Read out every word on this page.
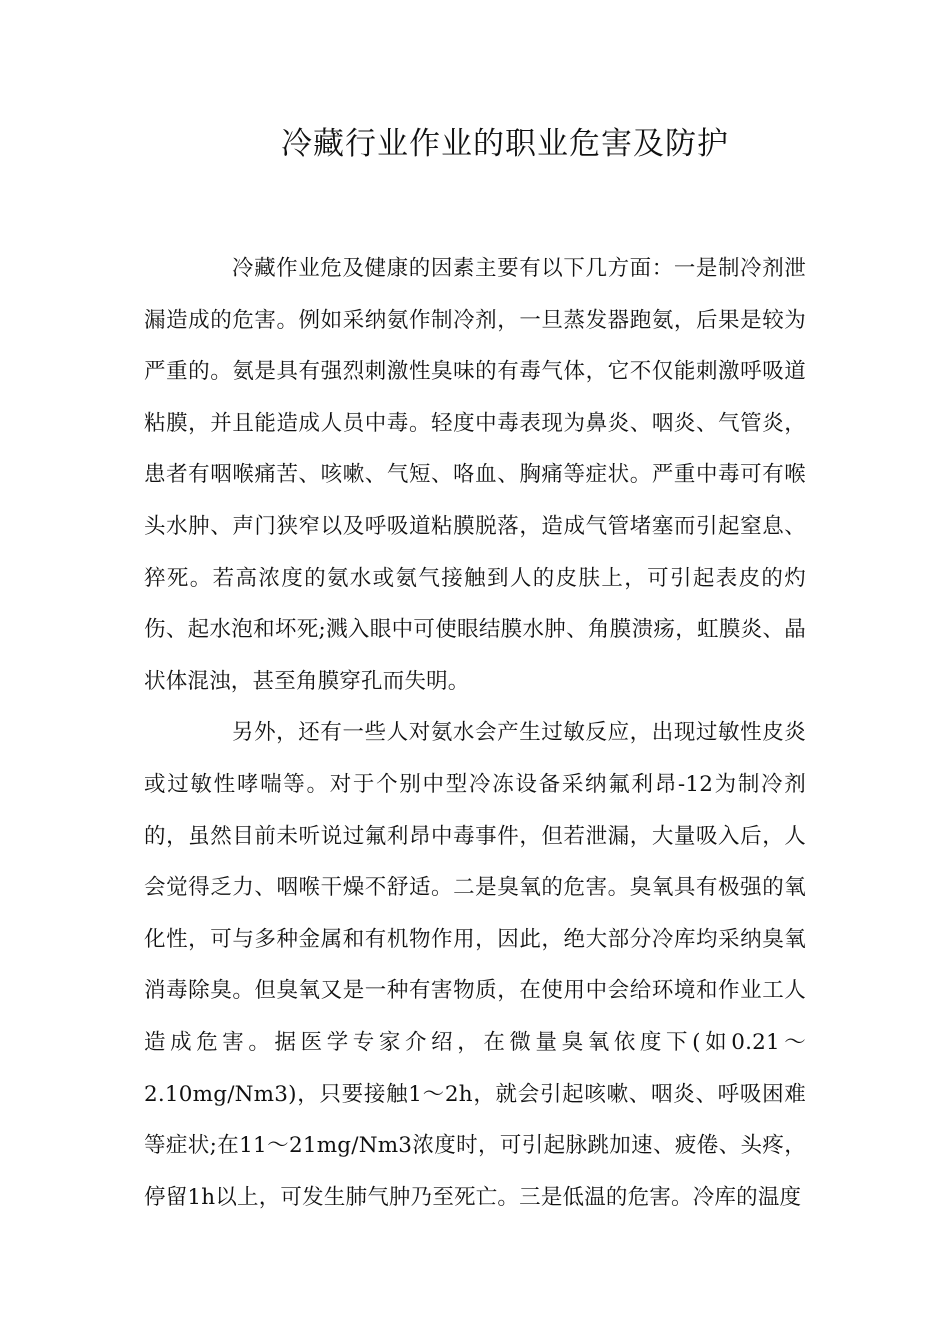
冷藏行业作业的职业危害及防护

冷藏作业危及健康的因素主要有以下几方面：一是制冷剂泄漏造成的危害。例如采纳氨作制冷剂，一旦蒸发器跑氨，后果是较为严重的。氨是具有强烈刺激性臭味的有毒气体，它不仅能刺激呼吸道粘膜，并且能造成人员中毒。轻度中毒表现为鼻炎、咽炎、气管炎，患者有咽喉痛苦、咳嗽、气短、咯血、胸痛等症状。严重中毒可有喉头水肿、声门狭窄以及呼吸道粘膜脱落，造成气管堵塞而引起窒息、猝死。若高浓度的氨水或氨气接触到人的皮肤上，可引起表皮的灼伤、起水泡和坏死;溅入眼中可使眼结膜水肿、角膜溃疡，虹膜炎、晶状体混浊，甚至角膜穿孔而失明。

另外，还有一些人对氨水会产生过敏反应，出现过敏性皮炎或过敏性哮喘等。对于个别中型冷冻设备采纳氟利昂-12为制冷剂的，虽然目前未听说过氟利昂中毒事件，但若泄漏，大量吸入后，人会觉得乏力、咽喉干燥不舒适。二是臭氧的危害。臭氧具有极强的氧化性，可与多种金属和有机物作用，因此，绝大部分冷库均采纳臭氧消毒除臭。但臭氧又是一种有害物质，在使用中会给环境和作业工人造成危害。据医学专家介绍，在微量臭氧依度下(如0.21～2.10mg/Nm3)，只要接触1～2h，就会引起咳嗽、咽炎、呼吸困难等症状;在11～21mg/Nm3浓度时，可引起脉跳加速、疲倦、头疼，停留1h以上，可发生肺气肿乃至死亡。三是低温的危害。冷库的温度
